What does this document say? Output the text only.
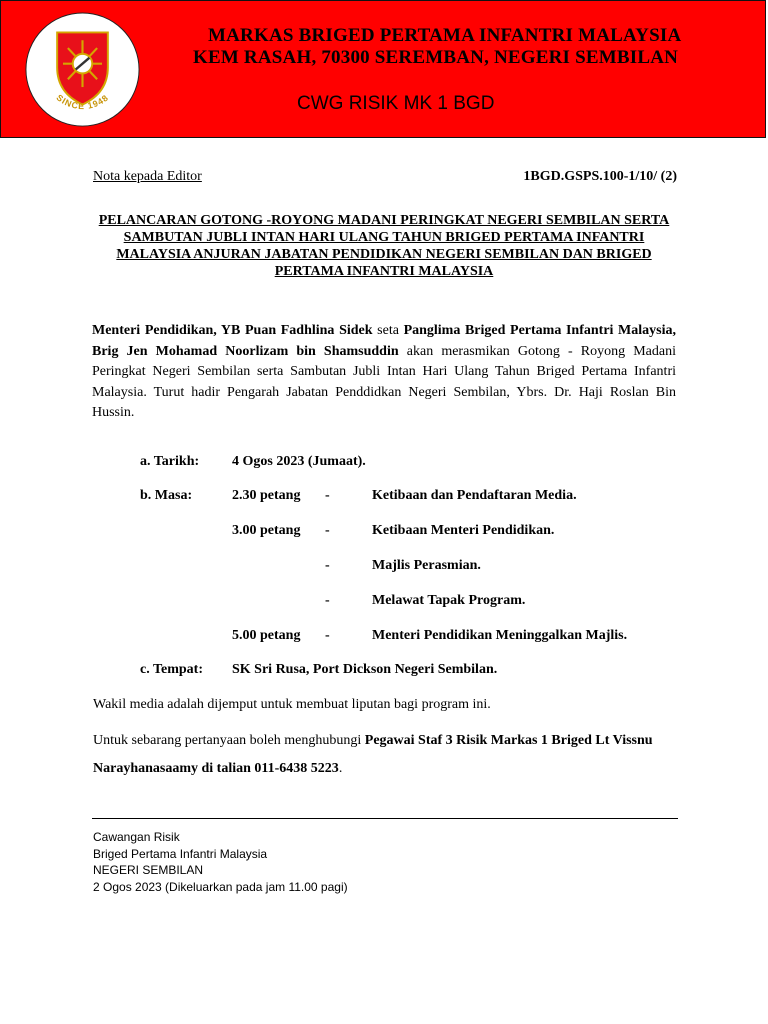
SINCE 1948
MARKAS BRIGED PERTAMA INFANTRI MALAYSIA
KEM RASAH, 70300 SEREMBAN, NEGERI SEMBILAN
CWG RISIK MK 1 BGD
Nota kepada Editor	1BGD.GSPS.100-1/10/ (2)
PELANCARAN GOTONG -ROYONG MADANI PERINGKAT NEGERI SEMBILAN SERTA SAMBUTAN JUBLI INTAN HARI ULANG TAHUN BRIGED PERTAMA INFANTRI MALAYSIA ANJURAN JABATAN PENDIDIKAN NEGERI SEMBILAN DAN BRIGED PERTAMA INFANTRI MALAYSIA
Menteri Pendidikan, YB Puan Fadhlina Sidek seta Panglima Briged Pertama Infantri Malaysia, Brig Jen Mohamad Noorlizam bin Shamsuddin akan merasmikan Gotong - Royong Madani Peringkat Negeri Sembilan serta Sambutan Jubli Intan Hari Ulang Tahun Briged Pertama Infantri Malaysia. Turut hadir Pengarah Jabatan Penddidkan Negeri Sembilan, Ybrs. Dr. Haji Roslan Bin Hussin.
a. Tarikh: 4 Ogos 2023 (Jumaat).
b. Masa:	2.30 petang -	Ketibaan dan Pendaftaran Media.
3.00 petang -	Ketibaan Menteri Pendidikan.
-	Majlis Perasmian.
-	Melawat Tapak Program.
5.00 petang -	Menteri Pendidikan Meninggalkan Majlis.
c. Tempat: SK Sri Rusa, Port Dickson Negeri Sembilan.
Wakil media adalah dijemput untuk membuat liputan bagi program ini.
Untuk sebarang pertanyaan boleh menghubungi Pegawai Staf 3 Risik Markas 1 Briged Lt Vissnu Narayhanasaamy di talian 011-6438 5223.
Cawangan Risik
Briged Pertama Infantri Malaysia
NEGERI SEMBILAN
2 Ogos 2023 (Dikeluarkan pada jam 11.00 pagi)
